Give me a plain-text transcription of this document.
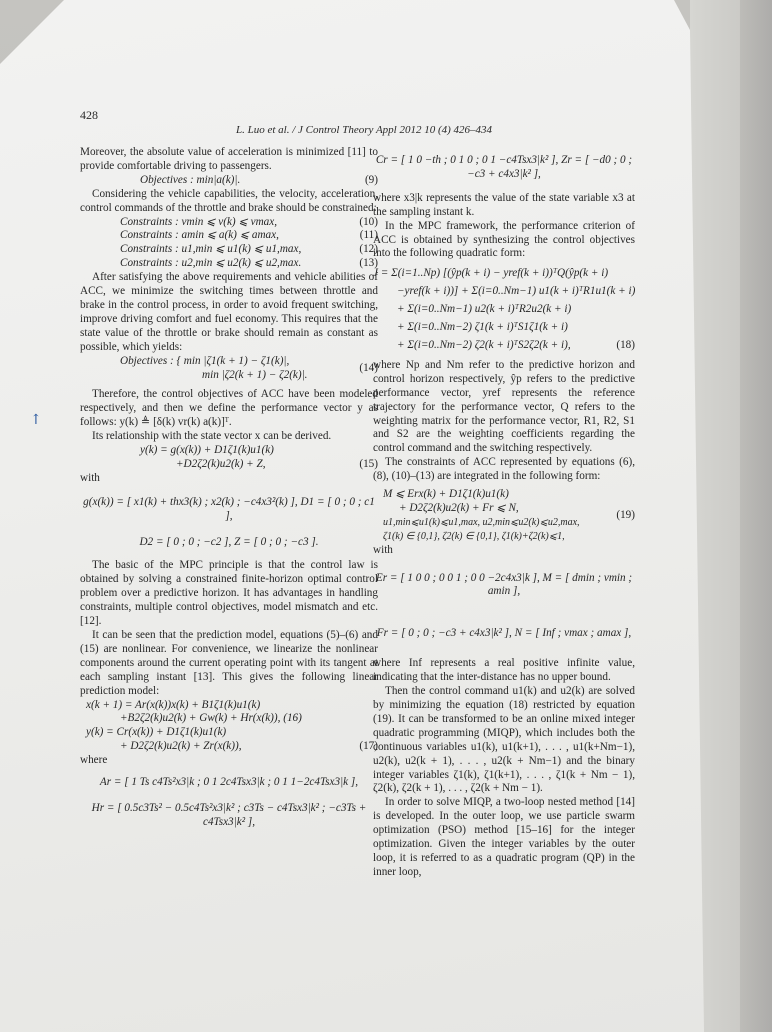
428
L. Luo et al. / J Control Theory Appl 2012 10 (4) 426–434
↑

Moreover, the absolute value of acceleration is minimized [11] to provide comfortable driving to passengers.

Objectives : min|a(k)|.	(9)

Considering the vehicle capabilities, the velocity, acceleration, control commands of the throttle and brake should be constrained:

Constraints : vmin ⩽ v(k) ⩽ vmax,	(10)
Constraints : amin ⩽ a(k) ⩽ amax,	(11)
Constraints : u1,min ⩽ u1(k) ⩽ u1,max,	(12)
Constraints : u2,min ⩽ u2(k) ⩽ u2,max.	(13)

After satisfying the above requirements and vehicle abilities of ACC, we minimize the switching times between throttle and brake in the control process, in order to avoid frequent switching, improve driving comfort and fuel economy. This requires that the state value of the throttle or brake should remain as constant as possible, which yields:

Objectives : { min |ζ1(k + 1) − ζ1(k)|,
min |ζ2(k + 1) − ζ2(k)|.
(14)

Therefore, the control objectives of ACC have been modeled respectively, and then we define the performance vector y as follows: y(k) ≜ [δ(k) vr(k) a(k)]ᵀ.

Its relationship with the state vector x can be derived.

y(k) = g(x(k)) + D1ζ1(k)u1(k)
+D2ζ2(k)u2(k) + Z,	(15)

with

g(x(k)) = [ x1(k) + thx3(k) ; x2(k) ; −c4x3²(k) ], D1 = [ 0 ; 0 ; c1 ],
D2 = [ 0 ; 0 ; −c2 ], Z = [ 0 ; 0 ; −c3 ].

The basic of the MPC principle is that the control law is obtained by solving a constrained finite-horizon optimal control problem over a predictive horizon. It has advantages in handling constraints, multiple control objectives, model mismatch and etc. [12].

It can be seen that the prediction model, equations (5)–(6) and (15) are nonlinear. For convenience, we linearize the nonlinear components around the current operating point with its tangent at each sampling instant [13]. This gives the following linear prediction model:

x(k + 1) = Ar(x(k))x(k) + B1ζ1(k)u1(k)
+B2ζ2(k)u2(k) + Gw(k) + Hr(x(k)), (16)
y(k) = Cr(x(k)) + D1ζ1(k)u1(k)
+ D2ζ2(k)u2(k) + Zr(x(k)),	(17)

where

Ar = [ 1 Ts c4Ts²x3|k ; 0 1 2c4Tsx3|k ; 0 1 1−2c4Tsx3|k ],
Hr = [ 0.5c3Ts² − 0.5c4Ts²x3|k² ; c3Ts − c4Tsx3|k² ; −c3Ts + c4Tsx3|k² ],
Cr = [ 1 0 −th ; 0 1 0 ; 0 1 −c4Tsx3|k² ], Zr = [ −d0 ; 0 ; −c3 + c4x3|k² ],

where x3|k represents the value of the state variable x3 at the sampling instant k.

In the MPC framework, the performance criterion of ACC is obtained by synthesizing the control objectives into the following quadratic form:

J = Σ(i=1..Np) [(ŷp(k + i) − yref(k + i))ᵀQ(ŷp(k + i)
−yref(k + i))] + Σ(i=0..Nm−1) u1(k + i)ᵀR1u1(k + i)
+ Σ(i=0..Nm−1) u2(k + i)ᵀR2u2(k + i)
+ Σ(i=0..Nm−2) ζ1(k + i)ᵀS1ζ1(k + i)
+ Σ(i=0..Nm−2) ζ2(k + i)ᵀS2ζ2(k + i),	(18)

where Np and Nm refer to the predictive horizon and control horizon respectively, ŷp refers to the predictive performance vector, yref represents the reference trajectory for the performance vector, Q refers to the weighting matrix for the performance vector, R1, R2, S1 and S2 are the weighting coefficients regarding the control command and the switching respectively.

The constraints of ACC represented by equations (6), (8), (10)–(13) are integrated in the following form:

M ⩽ Erx(k) + D1ζ1(k)u1(k)
+ D2ζ2(k)u2(k) + Fr ⩽ N,
u1,min⩽u1(k)⩽u1,max, u2,min⩽u2(k)⩽u2,max,
ζ1(k) ∈ {0,1}, ζ2(k) ∈ {0,1}, ζ1(k)+ζ2(k)⩽1,
(19)

with

Er = [ 1 0 0 ; 0 0 1 ; 0 0 −2c4x3|k ], M = [ dmin ; vmin ; amin ],
Fr = [ 0 ; 0 ; −c3 + c4x3|k² ], N = [ Inf ; vmax ; amax ],

where Inf represents a real positive infinite value, indicating that the inter-distance has no upper bound.

Then the control command u1(k) and u2(k) are solved by minimizing the equation (18) restricted by equation (19). It can be transformed to be an online mixed integer quadratic programming (MIQP), which includes both the continuous variables u1(k), u1(k+1), . . . , u1(k+Nm−1), u2(k), u2(k + 1), . . . , u2(k + Nm−1) and the binary integer variables ζ1(k), ζ1(k+1), . . . , ζ1(k + Nm − 1), ζ2(k), ζ2(k + 1), . . . , ζ2(k + Nm − 1).

In order to solve MIQP, a two-loop nested method [14] is developed. In the outer loop, we use particle swarm optimization (PSO) method [15–16] for the integer optimization. Given the integer variables by the outer loop, it is referred to as a quadratic program (QP) in the inner loop,
